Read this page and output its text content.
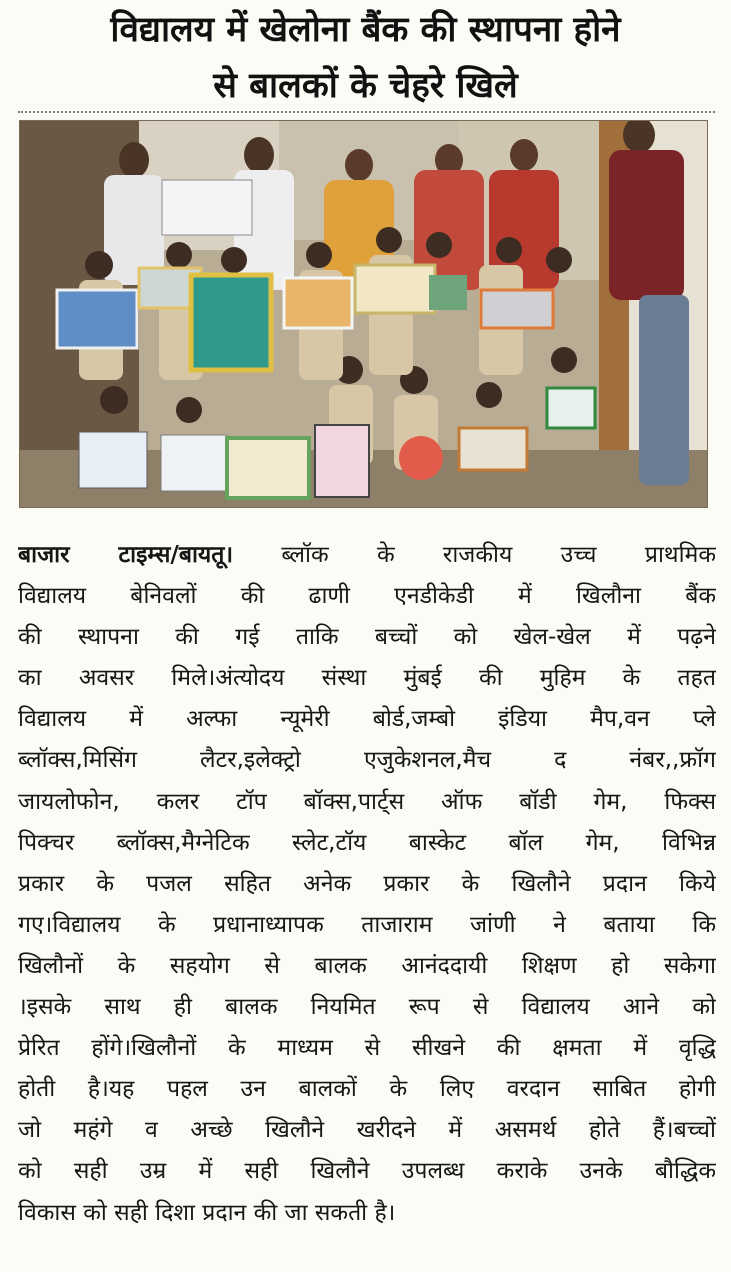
विद्यालय में खेलोना बैंक की स्थापना होने
से बालकों के चेहरे खिले
बाजार टाइम्स/बायतू। ब्लॉक के राजकीय उच्च प्राथमिक
विद्यालय बेनिवलों की ढाणी एनडीकेडी में खिलौना बैंक
की स्थापना की गई ताकि बच्चों को खेल-खेल में पढ़ने
का अवसर मिले।अंत्योदय संस्था मुंबई की मुहिम के तहत
विद्यालय में अल्फा न्यूमेरी बोर्ड,जम्बो इंडिया मैप,वन प्ले
ब्लॉक्स,मिसिंग लैटर,इलेक्ट्रो एजुकेशनल,मैच द नंबर,,फ्रॉग
जायलोफोन, कलर टॉप बॉक्स,पार्ट्स ऑफ बॉडी गेम, फिक्स
पिक्चर ब्लॉक्स,मैग्नेटिक स्लेट,टॉय बास्केट बॉल गेम, विभिन्न
प्रकार के पजल सहित अनेक प्रकार के खिलौने प्रदान किये
गए।विद्यालय के प्रधानाध्यापक ताजाराम जांणी ने बताया कि
खिलौनों के सहयोग से बालक आनंददायी शिक्षण हो सकेगा
।इसके साथ ही बालक नियमित रूप से विद्यालय आने को
प्रेरित होंगे।खिलौनों के माध्यम से सीखने की क्षमता में वृद्धि
होती है।यह पहल उन बालकों के लिए वरदान साबित होगी
जो महंगे व अच्छे खिलौने खरीदने में असमर्थ होते हैं।बच्चों
को सही उम्र में सही खिलौने उपलब्ध कराके उनके बौद्धिक
विकास को सही दिशा प्रदान की जा सकती है।
